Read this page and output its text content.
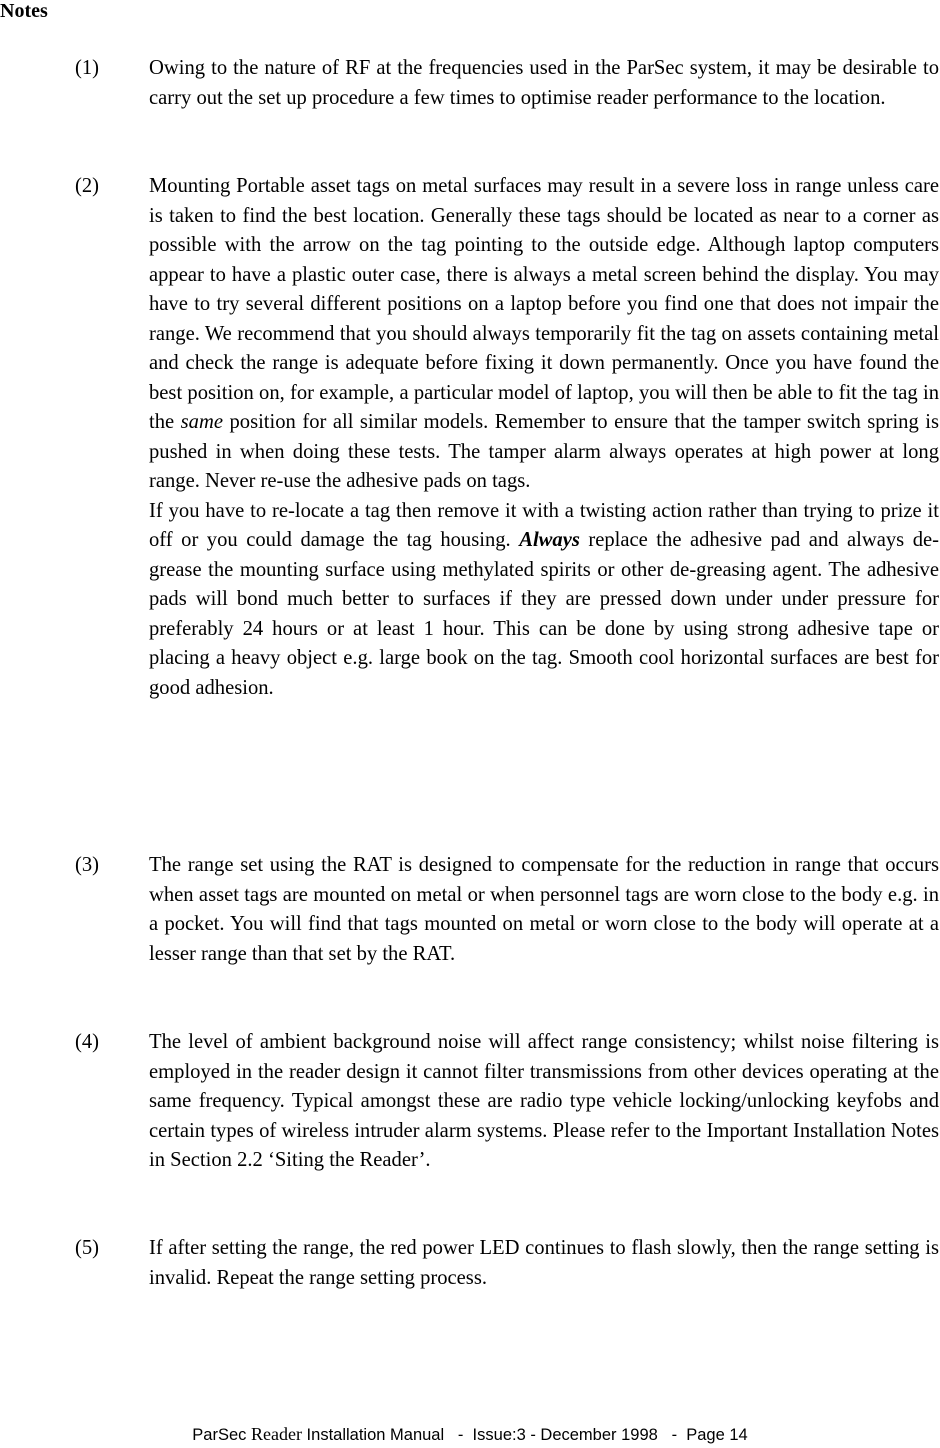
Notes
(1) Owing to the nature of RF at the frequencies used in the ParSec system, it may be desirable to carry out the set up procedure a few times to optimise reader performance to the location.

(2) Mounting Portable asset tags on metal surfaces may result in a severe loss in range unless care is taken to find the best location. Generally these tags should be located as near to a corner as possible with the arrow on the tag pointing to the outside edge. Although laptop computers appear to have a plastic outer case, there is always a metal screen behind the display. You may have to try several different positions on a laptop before you find one that does not impair the range. We recommend that you should always temporarily fit the tag on assets containing metal and check the range is adequate before fixing it down permanently. Once you have found the best position on, for example, a particular model of laptop, you will then be able to fit the tag in the same position for all similar models. Remember to ensure that the tamper switch spring is pushed in when doing these tests. The tamper alarm always operates at high power at long range. Never re-use the adhesive pads on tags.

If you have to re-locate a tag then remove it with a twisting action rather than trying to prize it off or you could damage the tag housing. Always replace the adhesive pad and always de-grease the mounting surface using methylated spirits or other de-greasing agent. The adhesive pads will bond much better to surfaces if they are pressed down under under pressure for preferably 24 hours or at least 1 hour. This can be done by using strong adhesive tape or placing a heavy object e.g. large book on the tag. Smooth cool horizontal surfaces are best for good adhesion.

(3) The range set using the RAT is designed to compensate for the reduction in range that occurs when asset tags are mounted on metal or when personnel tags are worn close to the body e.g. in a pocket. You will find that tags mounted on metal or worn close to the body will operate at a lesser range than that set by the RAT.

(4) The level of ambient background noise will affect range consistency; whilst noise filtering is employed in the reader design it cannot filter transmissions from other devices operating at the same frequency. Typical amongst these are radio type vehicle locking/unlocking keyfobs and certain types of wireless intruder alarm systems. Please refer to the Important Installation Notes in Section 2.2 ‘Siting the Reader’.

(5) If after setting the range, the red power LED continues to flash slowly, then the range setting is invalid. Repeat the range setting process.

ParSec Reader Installation Manual   -  Issue:3 - December 1998   -  Page 14
